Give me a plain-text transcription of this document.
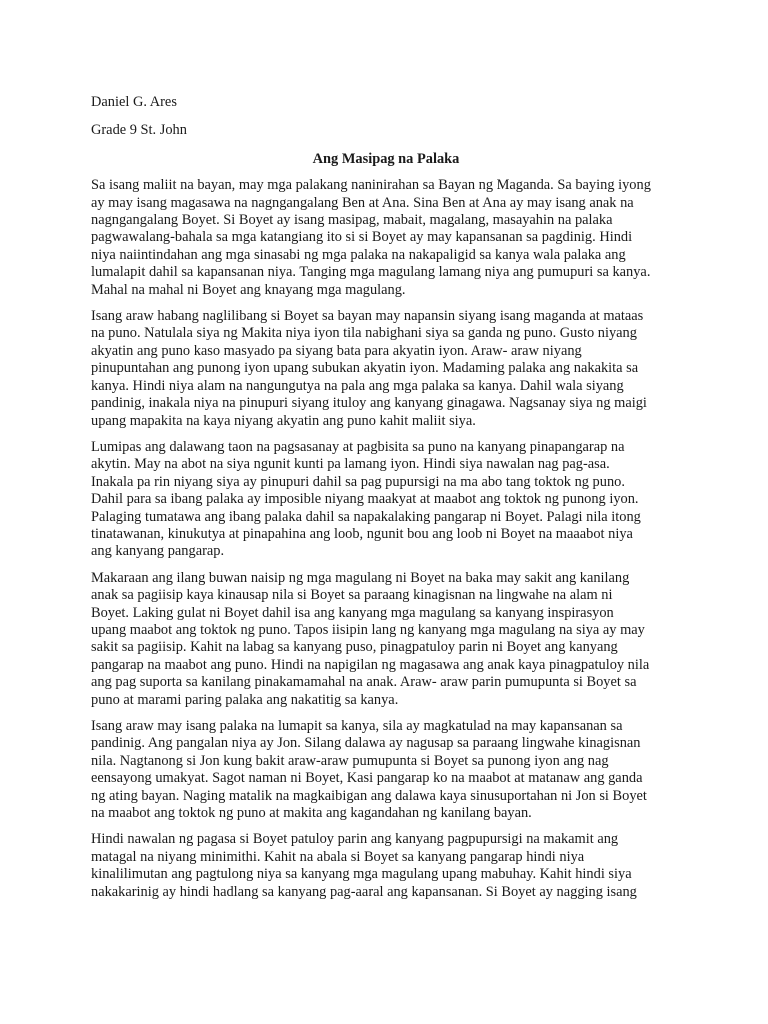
Daniel G. Ares
Grade 9 St. John
Ang Masipag na Palaka
Sa isang maliit na bayan, may mga palakang naninirahan sa Bayan ng Maganda. Sa baying iyong
ay may isang magasawa na nagngangalang Ben at Ana. Sina Ben at Ana ay may isang anak na
nagngangalang Boyet. Si Boyet ay isang masipag, mabait, magalang, masayahin na palaka
pagwawalang-bahala sa mga katangiang ito si si Boyet ay may kapansanan sa pagdinig. Hindi
niya naiintindahan ang mga sinasabi ng mga palaka na nakapaligid sa kanya wala palaka ang
lumalapit dahil sa kapansanan niya. Tanging mga magulang lamang niya ang pumupuri sa kanya.
Mahal na mahal ni Boyet ang knayang mga magulang.
Isang araw habang naglilibang si Boyet sa bayan may napansin siyang isang maganda at mataas
na puno. Natulala siya ng Makita niya iyon tila nabighani siya sa ganda ng puno. Gusto niyang
akyatin ang puno kaso masyado pa siyang bata para akyatin iyon. Araw- araw niyang
pinupuntahan ang punong iyon upang subukan akyatin iyon. Madaming palaka ang nakakita sa
kanya. Hindi niya alam na nangungutya na pala ang mga palaka sa kanya. Dahil wala siyang
pandinig, inakala niya na pinupuri siyang ituloy ang kanyang ginagawa. Nagsanay siya ng maigi
upang mapakita na kaya niyang akyatin ang puno kahit maliit siya.
Lumipas ang dalawang taon na pagsasanay at pagbisita sa puno na kanyang pinapangarap na
akytin. May na abot na siya ngunit kunti pa lamang iyon. Hindi siya nawalan nag pag-asa.
Inakala pa rin niyang siya ay pinupuri dahil sa pag pupursigi na ma abo tang toktok ng puno.
Dahil para sa ibang palaka ay imposible niyang maakyat at maabot ang toktok ng punong iyon.
Palaging tumatawa ang ibang palaka dahil sa napakalaking pangarap ni Boyet. Palagi nila itong
tinatawanan, kinukutya at pinapahina ang loob, ngunit bou ang loob ni Boyet na maaabot niya
ang kanyang pangarap.
Makaraan ang ilang buwan naisip ng mga magulang ni Boyet na baka may sakit ang kanilang
anak sa pagiisip kaya kinausap nila si Boyet sa paraang kinagisnan na lingwahe na alam ni
Boyet. Laking gulat ni Boyet dahil isa ang kanyang mga magulang sa kanyang inspirasyon
upang maabot ang toktok ng puno. Tapos iisipin lang ng kanyang mga magulang na siya ay may
sakit sa pagiisip. Kahit na labag sa kanyang puso, pinagpatuloy parin ni Boyet ang kanyang
pangarap na maabot ang puno. Hindi na napigilan ng magasawa ang anak kaya pinagpatuloy nila
ang pag suporta sa kanilang pinakamamahal na anak. Araw- araw parin pumupunta si Boyet sa
puno at marami paring palaka ang nakatitig sa kanya.
Isang araw may isang palaka na lumapit sa kanya, sila ay magkatulad na may kapansanan sa
pandinig. Ang pangalan niya ay Jon. Silang dalawa ay nagusap sa paraang lingwahe kinagisnan
nila. Nagtanong si Jon kung bakit araw-araw pumupunta si Boyet sa punong iyon ang nag
eensayong umakyat. Sagot naman ni Boyet, Kasi pangarap ko na maabot at matanaw ang ganda
ng ating bayan. Naging matalik na magkaibigan ang dalawa kaya sinusuportahan ni Jon si Boyet
na maabot ang toktok ng puno at makita ang kagandahan ng kanilang bayan.
Hindi nawalan ng pagasa si Boyet patuloy parin ang kanyang pagpupursigi na makamit ang
matagal na niyang minimithi. Kahit na abala si Boyet sa kanyang pangarap hindi niya
kinalilimutan ang pagtulong niya sa kanyang mga magulang upang mabuhay. Kahit hindi siya
nakakarinig ay hindi hadlang sa kanyang pag-aaral ang kapansanan. Si Boyet ay nagging isang
